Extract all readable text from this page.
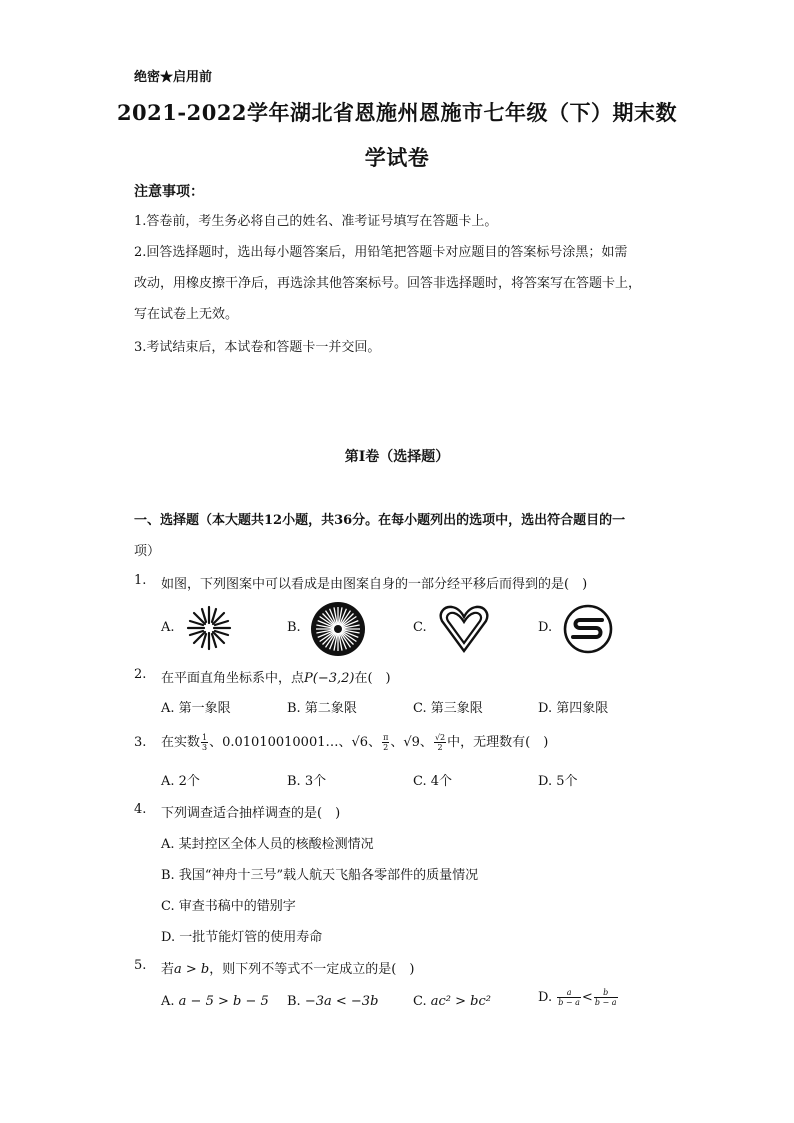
绝密★启用前
2021-2022学年湖北省恩施州恩施市七年级（下）期末数
学试卷
注意事项：
1.答卷前，考生务必将自己的姓名、准考证号填写在答题卡上。
2.回答选择题时，选出每小题答案后，用铅笔把答题卡对应题目的答案标号涂黑；如需
改动，用橡皮擦干净后，再选涂其他答案标号。回答非选择题时，将答案写在答题卡上，
写在试卷上无效。
3.考试结束后，本试卷和答题卡一并交回。
第Ⅰ卷（选择题）
一、选择题（本大题共12小题，共36分。在每小题列出的选项中，选出符合题目的一
项）
1. 如图，下列图案中可以看成是由图案自身的一部分经平移后而得到的是(　)
A.	B.	C.	D.
2. 在平面直角坐标系中，点P(−3,2)在(　)
A. 第一象限	B. 第二象限	C. 第三象限	D. 第四象限
3. 在实数 $\frac{1}{3}$ 、0.01010010001…、√6、 $\frac{\pi}{2}$ 、√9、 $\frac{√2}{2}$ 中，无理数有(　)
A. 2个	B. 3个	C. 4个	D. 5个
4. 下列调查适合抽样调查的是(　)
A. 某封控区全体人员的核酸检测情况
B. 我国“神舟十三号”载人航天飞船各零部件的质量情况
C. 审查书稿中的错别字
D. 一批节能灯管的使用寿命
5. 若a > b，则下列不等式不一定成立的是(　)
A. a − 5 > b − 5 B. −3a < −3b	C. ac² > bc²	D. $\frac{a}{b - a} < \frac{b}{b - a}$
